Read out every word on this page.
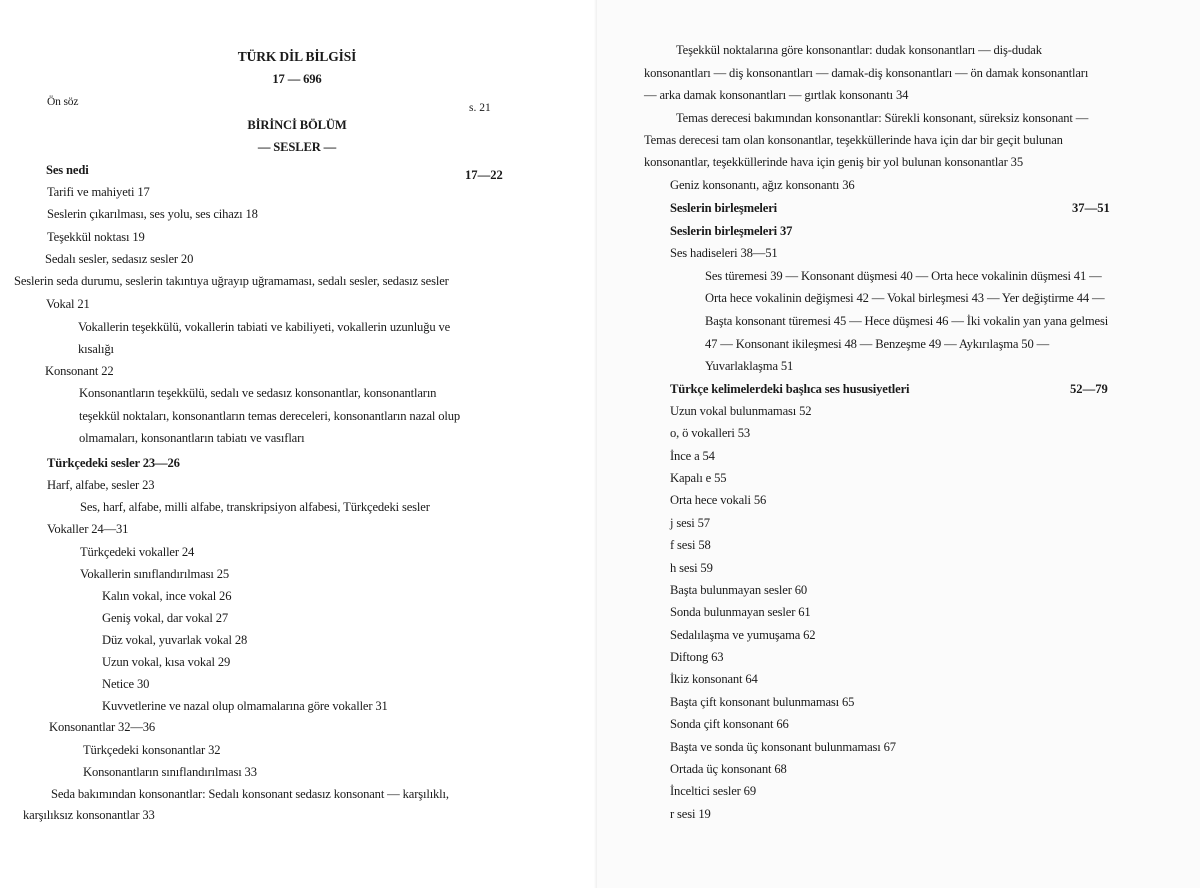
TÜRK DİL BİLGİSİ
17 — 696
Ön söz	s. 21
BİRİNCİ BÖLÜM
— SESLER —
Ses nedi	17—22
Tarifi ve mahiyeti 17
Seslerin çıkarılması, ses yolu, ses cihazı 18
Teşekkül noktası 19
Sedalı sesler, sedasız sesler 20
Seslerin seda durumu, seslerin takıntıya uğrayıp uğramaması, sedalı sesler, sedasız sesler
Vokal 21
Vokallerin teşekkülü, vokallerin tabiati ve kabiliyeti, vokallerin uzunluğu ve
kısalığı
Konsonant 22
Konsonantların teşekkülü, sedalı ve sedasız konsonantlar, konsonantların
teşekkül noktaları, konsonantların temas dereceleri, konsonantların nazal olup
olmamaları, konsonantların tabiatı ve vasıfları
Türkçedeki sesler 23—26
Harf, alfabe, sesler 23
Ses, harf, alfabe, milli alfabe, transkripsiyon alfabesi, Türkçedeki sesler
Vokaller 24—31
Türkçedeki vokaller 24
Vokallerin sınıflandırılması 25
Kalın vokal, ince vokal 26
Geniş vokal, dar vokal 27
Düz vokal, yuvarlak vokal 28
Uzun vokal, kısa vokal 29
Netice 30
Kuvvetlerine ve nazal olup olmamalarına göre vokaller 31
Konsonantlar 32—36
Türkçedeki konsonantlar 32
Konsonantların sınıflandırılması 33
Seda bakımından konsonantlar: Sedalı konsonant sedasız konsonant — karşılıklı,
karşılıksız konsonantlar 33
Teşekkül noktalarına göre konsonantlar: dudak konsonantları — diş-dudak
konsonantları — diş konsonantları — damak-diş konsonantları — ön damak konsonantları
— arka damak konsonantları — gırtlak konsonantı 34
Temas derecesi bakımından konsonantlar: Sürekli konsonant, süreksiz konsonant —
Temas derecesi tam olan konsonantlar, teşekküllerinde hava için dar bir geçit bulunan
konsonantlar, teşekküllerinde hava için geniş bir yol bulunan konsonantlar 35
Geniz konsonantı, ağız konsonantı 36
Seslerin birleşmeleri	37—51
Seslerin birleşmeleri 37
Ses hadiseleri 38—51
Ses türemesi 39 — Konsonant düşmesi 40 — Orta hece vokalinin düşmesi 41 —
Orta hece vokalinin değişmesi 42 — Vokal birleşmesi 43 — Yer değiştirme 44 —
Başta konsonant türemesi 45 — Hece düşmesi 46 — İki vokalin yan yana gelmesi
47 — Konsonant ikileşmesi 48 — Benzeşme 49 — Aykırılaşma 50 —
Yuvarlaklaşma 51
Türkçe kelimelerdeki başlıca ses hususiyetleri	52—79
Uzun vokal bulunmaması 52
o, ö vokalleri 53
İnce a 54
Kapalı e 55
Orta hece vokali 56
j sesi 57
f sesi 58
h sesi 59
Başta bulunmayan sesler 60
Sonda bulunmayan sesler 61
Sedalılaşma ve yumuşama 62
Diftong 63
İkiz konsonant 64
Başta çift konsonant bulunmaması 65
Sonda çift konsonant 66
Başta ve sonda üç konsonant bulunmaması 67
Ortada üç konsonant 68
İnceltici sesler 69
r sesi 19
